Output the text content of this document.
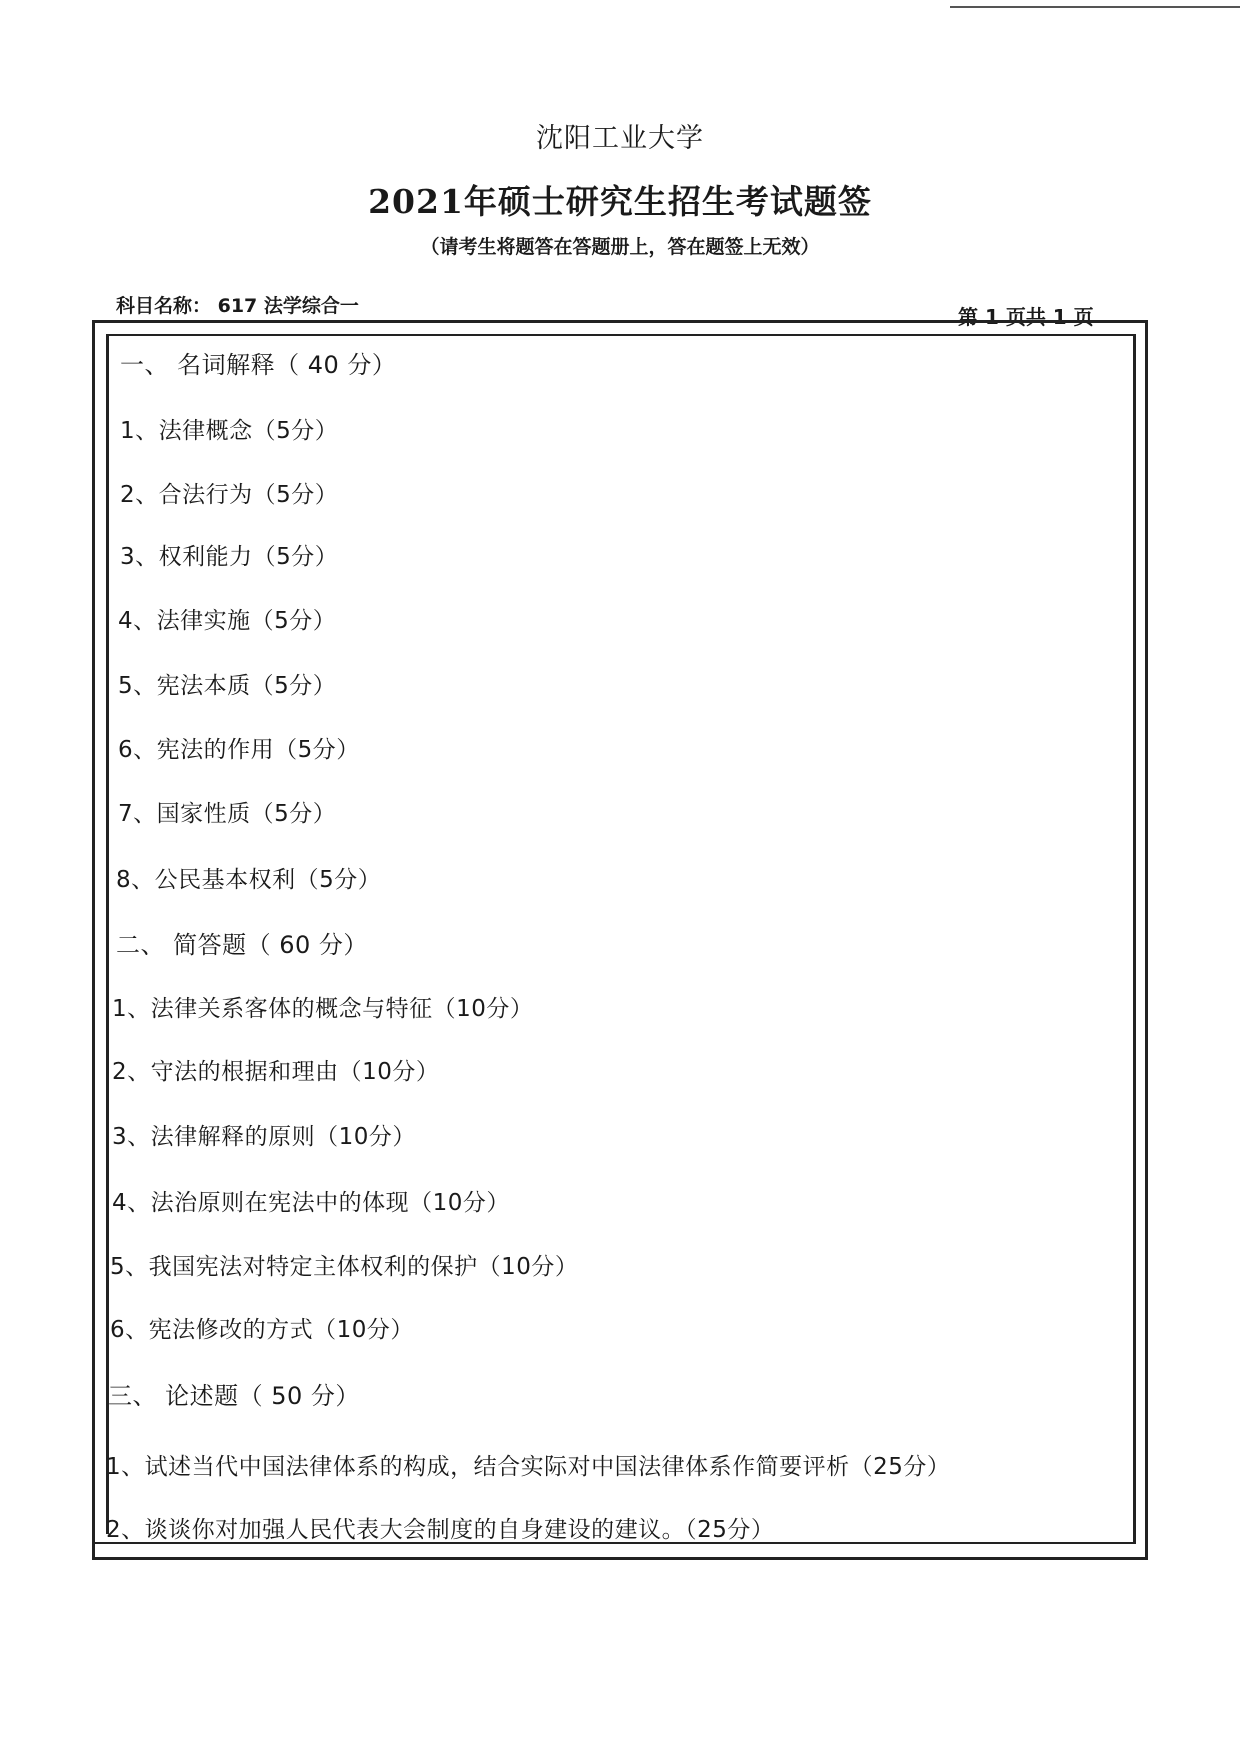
沈阳工业大学
2021年硕士研究生招生考试题签
（请考生将题答在答题册上，答在题签上无效）
科目名称： 617 法学综合一	第 1 页共 1 页
一、 名词解释（ 40 分）
1、法律概念（5分）
2、合法行为（5分）
3、权利能力（5分）
4、法律实施（5分）
5、宪法本质（5分）
6、宪法的作用（5分）
7、国家性质（5分）
8、公民基本权利（5分）
二、 简答题（ 60 分）
1、法律关系客体的概念与特征（10分）
2、守法的根据和理由（10分）
3、法律解释的原则（10分）
4、法治原则在宪法中的体现（10分）
5、我国宪法对特定主体权利的保护（10分）
6、宪法修改的方式（10分）
三、 论述题（ 50 分）
1、试述当代中国法律体系的构成，结合实际对中国法律体系作简要评析（25分）
2、谈谈你对加强人民代表大会制度的自身建设的建议。（25分）
